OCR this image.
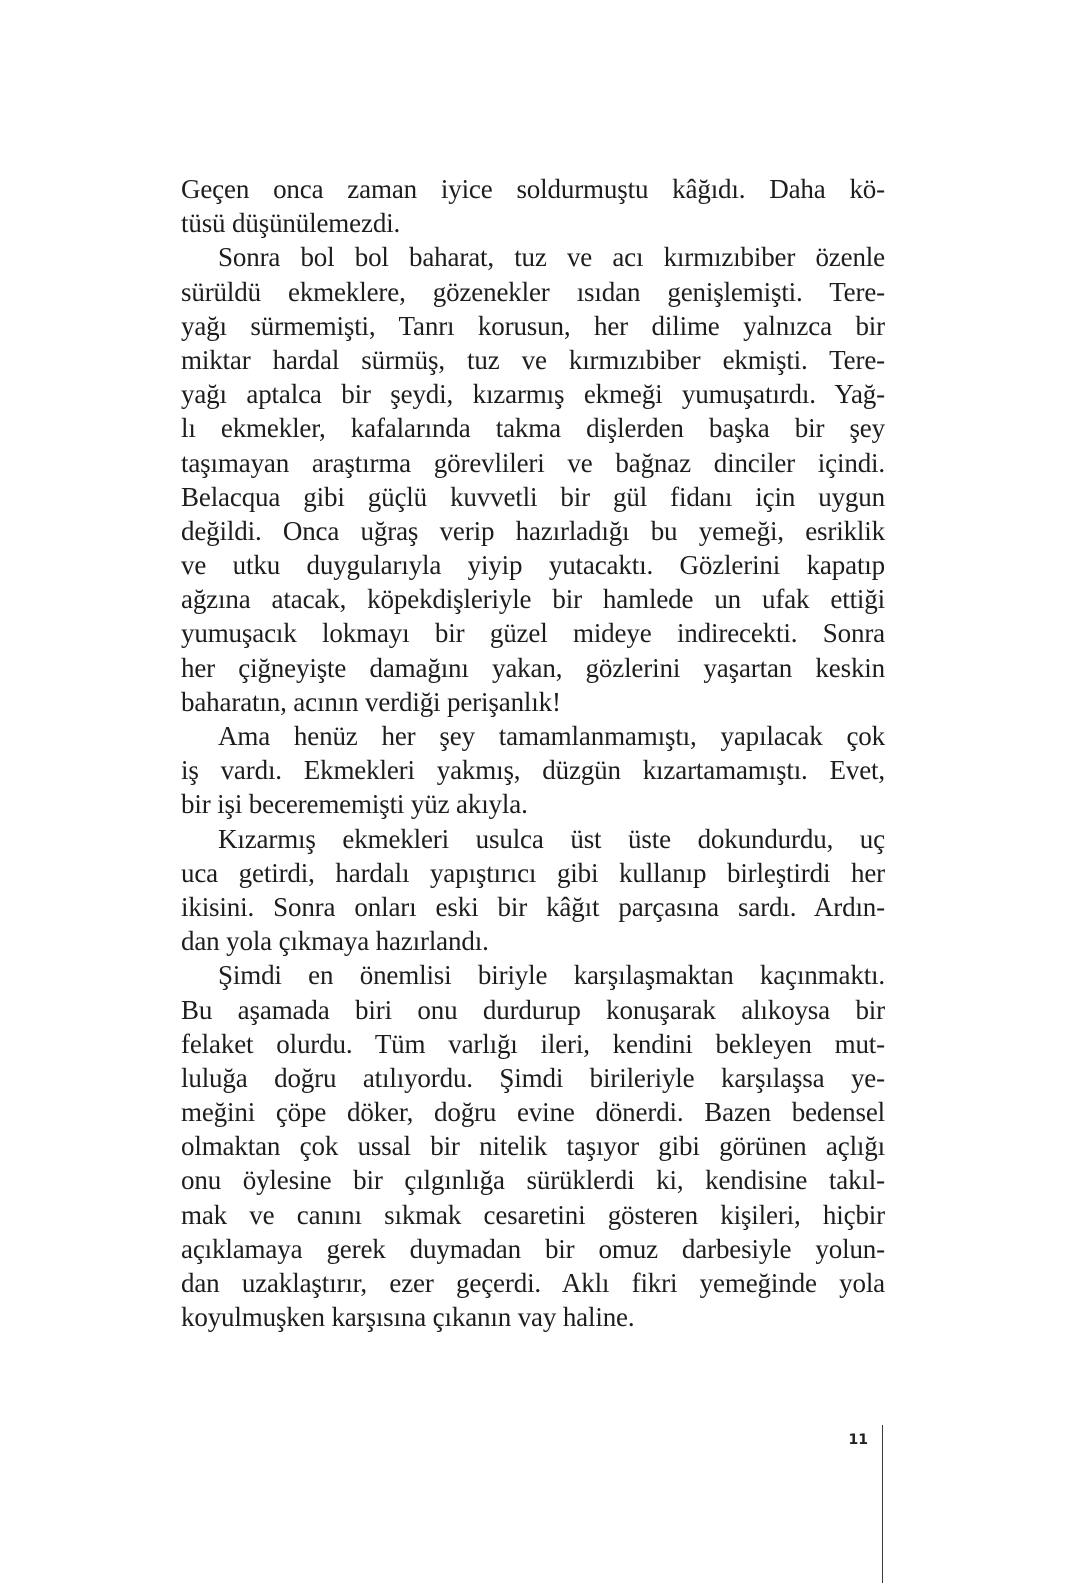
Geçen onca zaman iyice soldurmuştu kâğıdı. Daha kö-
tüsü düşünülemezdi.
Sonra bol bol baharat, tuz ve acı kırmızıbiber özenle
sürüldü ekmeklere, gözenekler ısıdan genişlemişti. Tere-
yağı sürmemişti, Tanrı korusun, her dilime yalnızca bir
miktar hardal sürmüş, tuz ve kırmızıbiber ekmişti. Tere-
yağı aptalca bir şeydi, kızarmış ekmeği yumuşatırdı. Yağ-
lı ekmekler, kafalarında takma dişlerden başka bir şey
taşımayan araştırma görevlileri ve bağnaz dinciler içindi.
Belacqua gibi güçlü kuvvetli bir gül fidanı için uygun
değildi. Onca uğraş verip hazırladığı bu yemeği, esriklik
ve utku duygularıyla yiyip yutacaktı. Gözlerini kapatıp
ağzına atacak, köpekdişleriyle bir hamlede un ufak ettiği
yumuşacık lokmayı bir güzel mideye indirecekti. Sonra
her çiğneyişte damağını yakan, gözlerini yaşartan keskin
baharatın, acının verdiği perişanlık!
Ama henüz her şey tamamlanmamıştı, yapılacak çok
iş vardı. Ekmekleri yakmış, düzgün kızartamamıştı. Evet,
bir işi becerememişti yüz akıyla.
Kızarmış ekmekleri usulca üst üste dokundurdu, uç
uca getirdi, hardalı yapıştırıcı gibi kullanıp birleştirdi her
ikisini. Sonra onları eski bir kâğıt parçasına sardı. Ardın-
dan yola çıkmaya hazırlandı.
Şimdi en önemlisi biriyle karşılaşmaktan kaçınmaktı.
Bu aşamada biri onu durdurup konuşarak alıkoysa bir
felaket olurdu. Tüm varlığı ileri, kendini bekleyen mut-
luluğa doğru atılıyordu. Şimdi birileriyle karşılaşsa ye-
meğini çöpe döker, doğru evine dönerdi. Bazen bedensel
olmaktan çok ussal bir nitelik taşıyor gibi görünen açlığı
onu öylesine bir çılgınlığa sürüklerdi ki, kendisine takıl-
mak ve canını sıkmak cesaretini gösteren kişileri, hiçbir
açıklamaya gerek duymadan bir omuz darbesiyle yolun-
dan uzaklaştırır, ezer geçerdi. Aklı fikri yemeğinde yola
koyulmuşken karşısına çıkanın vay haline.
11
